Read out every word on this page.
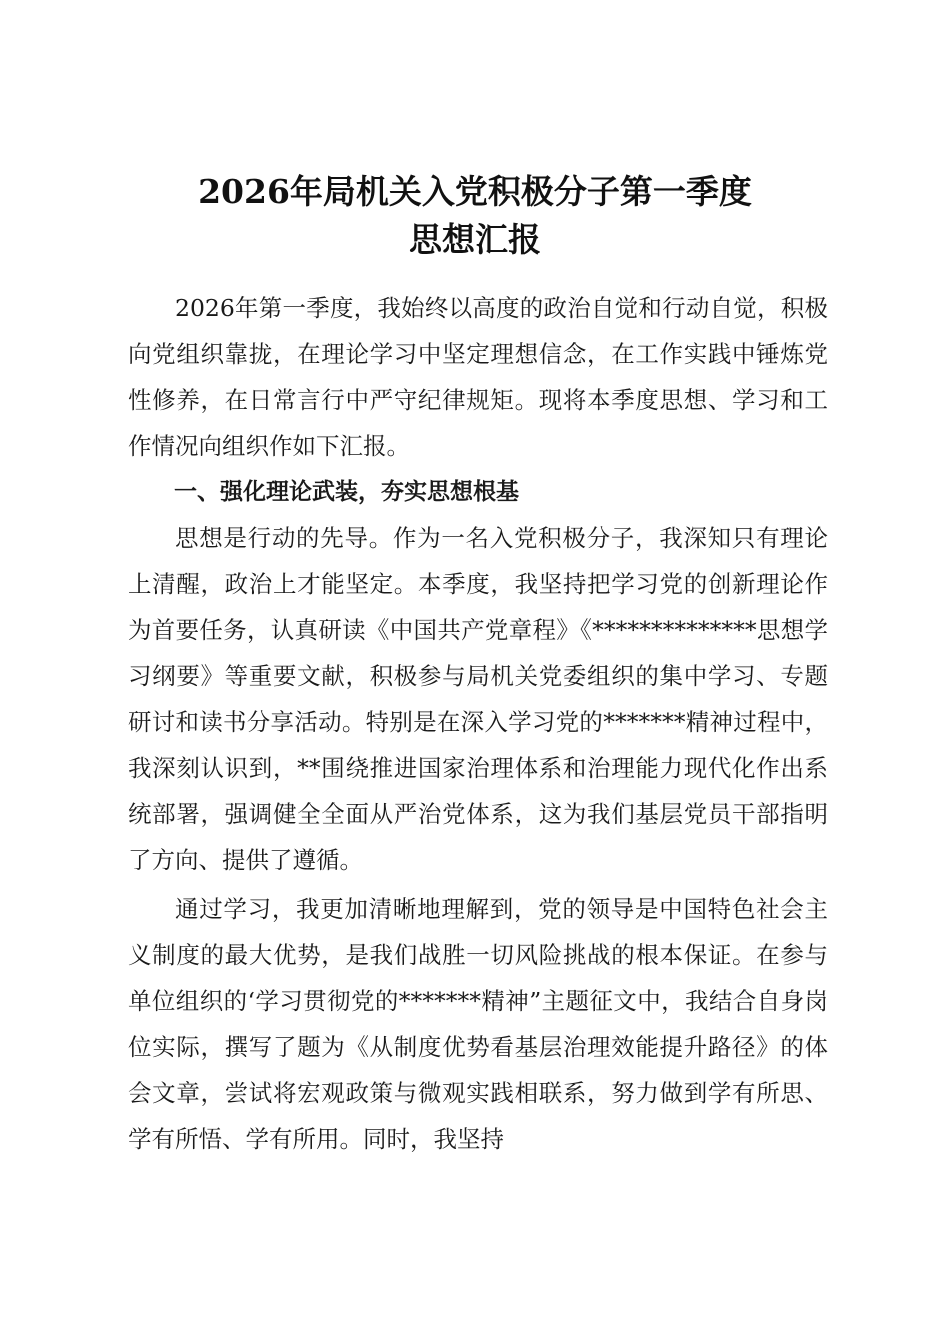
2026年局机关入党积极分子第一季度
思想汇报

2026年第一季度，我始终以高度的政治自觉和行动自觉，积极向党组织靠拢，在理论学习中坚定理想信念，在工作实践中锤炼党性修养，在日常言行中严守纪律规矩。现将本季度思想、学习和工作情况向组织作如下汇报。

一、强化理论武装，夯实思想根基

思想是行动的先导。作为一名入党积极分子，我深知只有理论上清醒，政治上才能坚定。本季度，我坚持把学习党的创新理论作为首要任务，认真研读《中国共产党章程》《**************思想学习纲要》等重要文献，积极参与局机关党委组织的集中学习、专题研讨和读书分享活动。特别是在深入学习党的*******精神过程中，我深刻认识到，**围绕推进国家治理体系和治理能力现代化作出系统部署，强调健全全面从严治党体系，这为我们基层党员干部指明了方向、提供了遵循。

通过学习，我更加清晰地理解到，党的领导是中国特色社会主义制度的最大优势，是我们战胜一切风险挑战的根本保证。在参与单位组织的‘学习贯彻党的*******精神”主题征文中，我结合自身岗位实际，撰写了题为《从制度优势看基层治理效能提升路径》的体会文章，尝试将宏观政策与微观实践相联系，努力做到学有所思、学有所悟、学有所用。同时，我坚持
